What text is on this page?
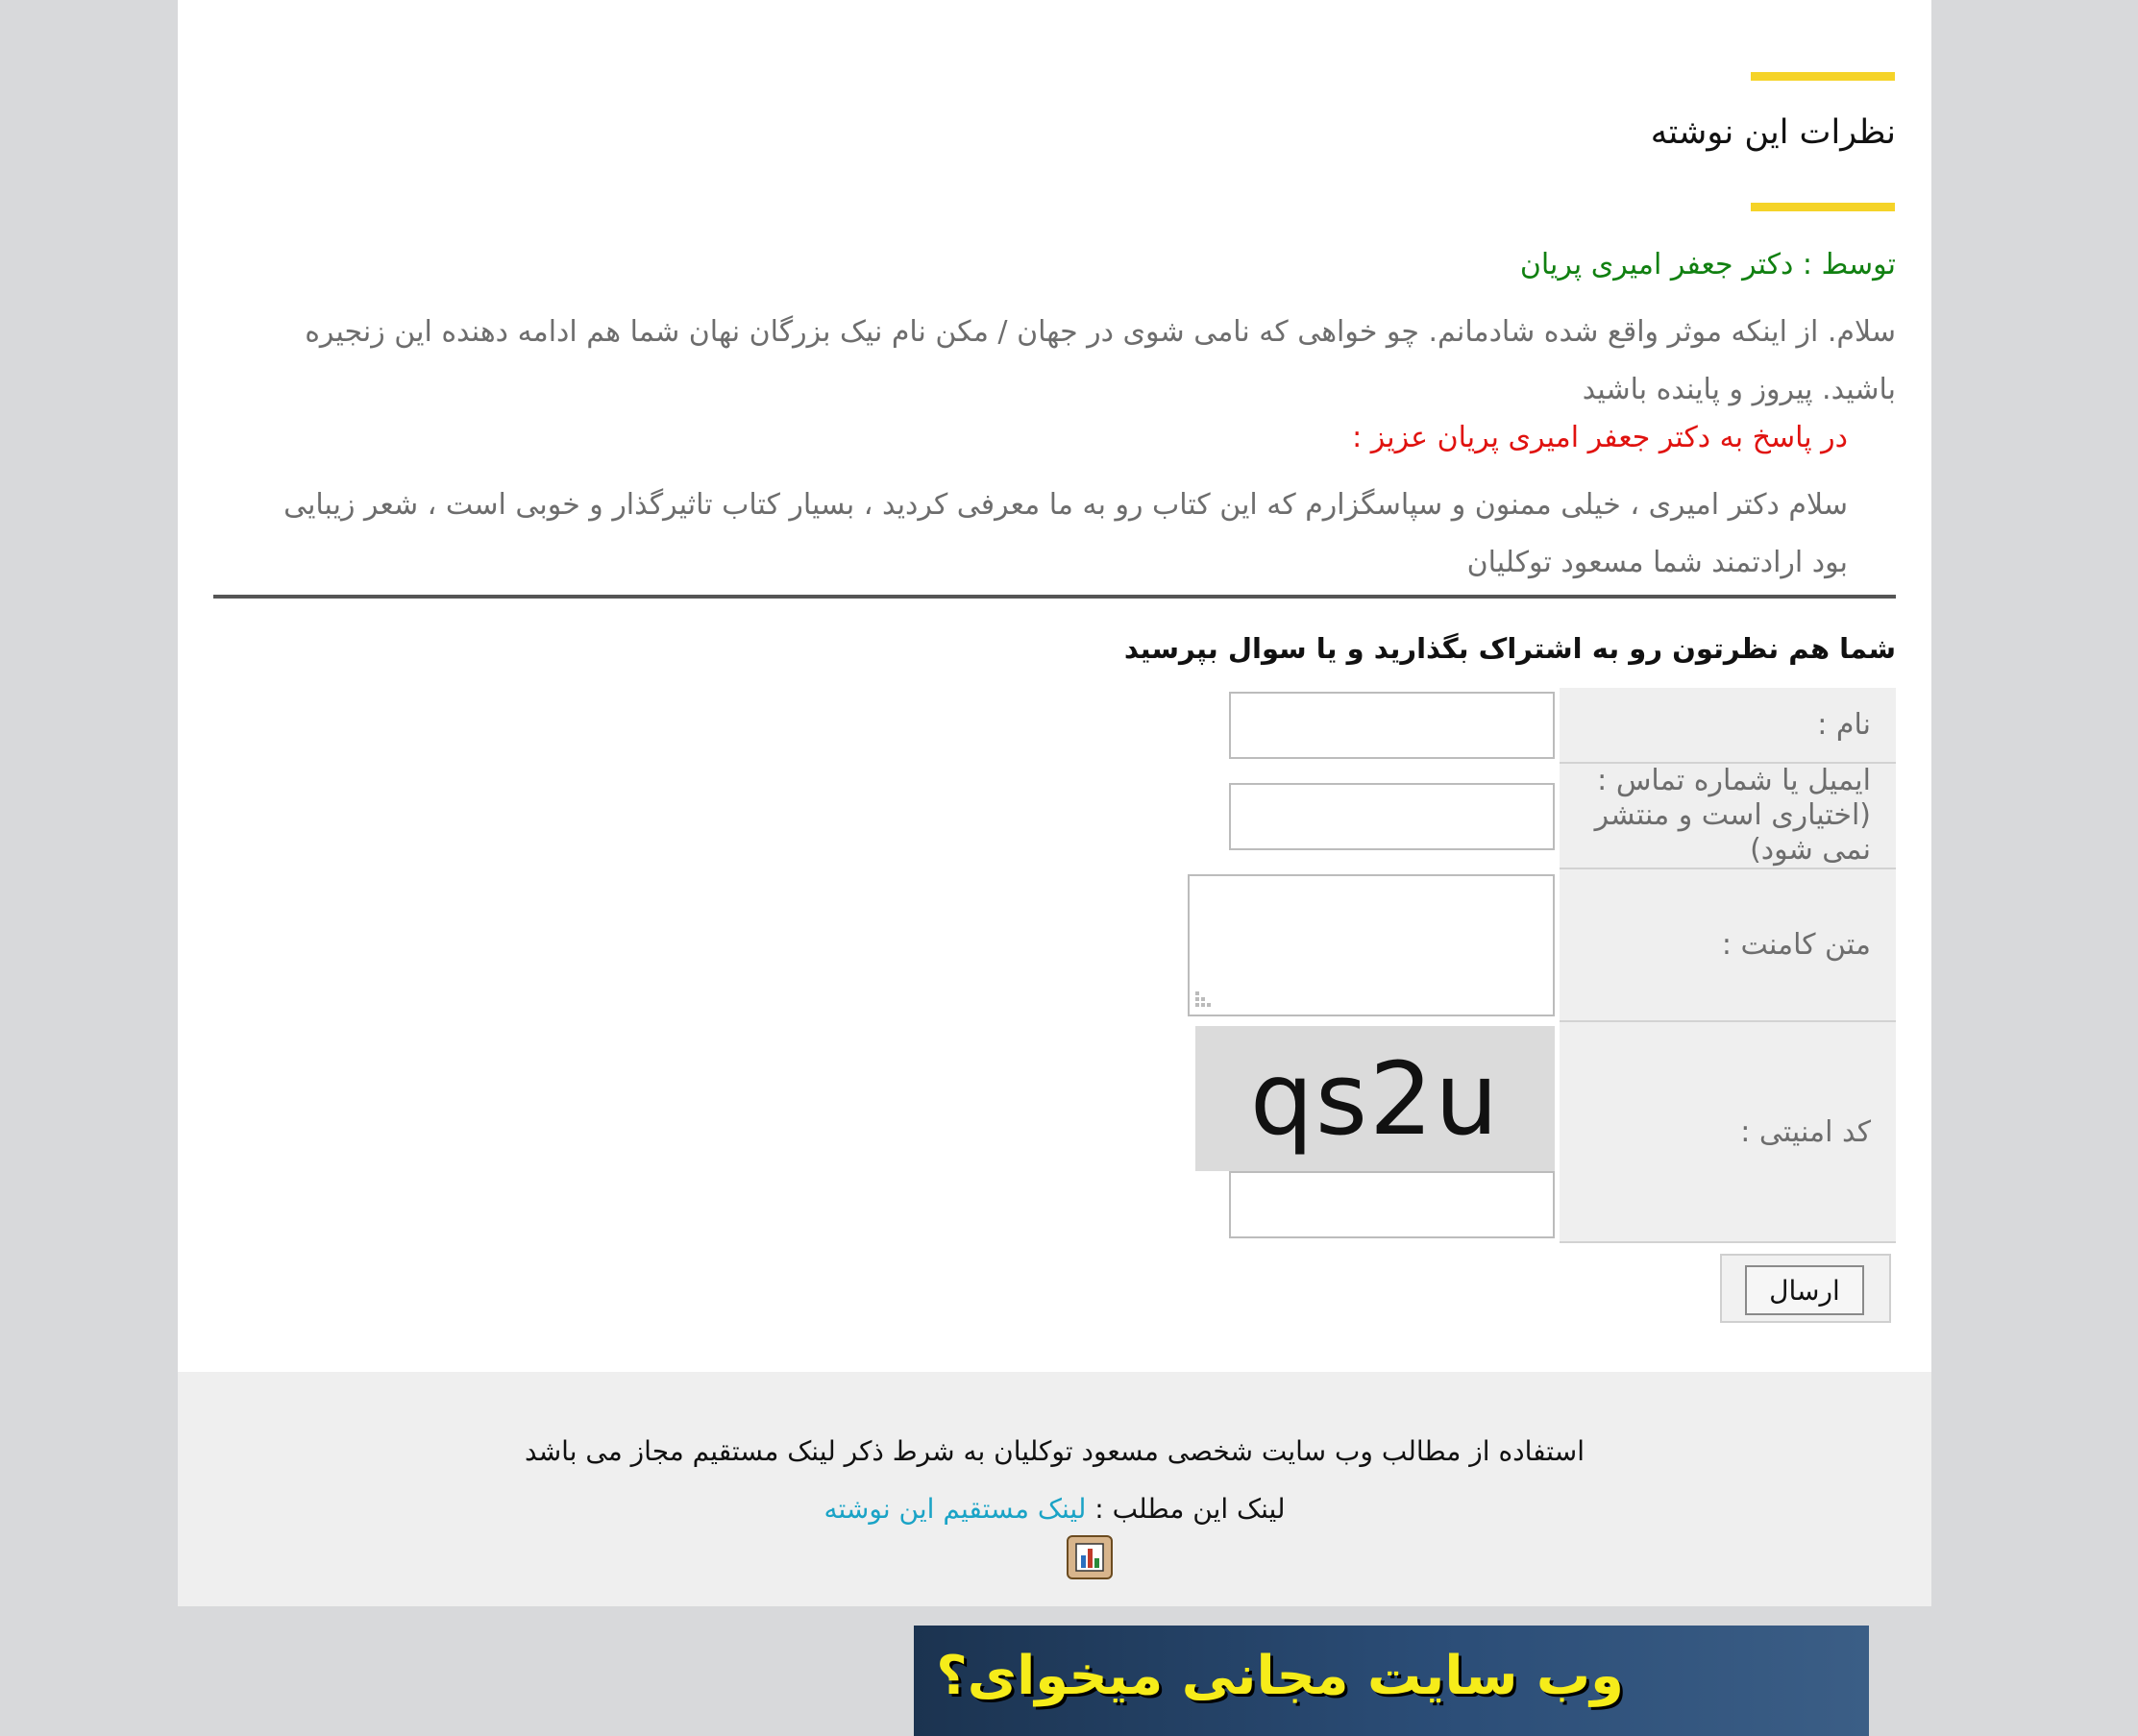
نظرات این نوشته
توسط : دکتر جعفر امیری پریان
سلام. از اینکه موثر واقع شده شادمانم. چو خواهی که نامی شوی در جهان / مکن نام نیک بزرگان نهان شما هم ادامه دهنده این زنجیره باشید. پیروز و پاینده باشید
در پاسخ به دکتر جعفر امیری پریان عزیز :
سلام دکتر امیری ، خیلی ممنون و سپاسگزارم که این کتاب رو به ما معرفی کردید ، بسیار کتاب تاثیرگذار و خوبی است ، شعر زیبایی بود ارادتمند شما مسعود توکلیان
شما هم نظرتون رو به اشتراک بگذارید و یا سوال بپرسید
نام :
ایمیل یا شماره تماس :(اختیاری است و منتشر نمی شود)
متن کامنت :
کد امنیتی :
qs2u
ارسال
استفاده از مطالب وب سایت شخصی مسعود توکلیان به شرط ذکر لینک مستقیم مجاز می باشد
لینک این مطلب : لینک مستقیم این نوشته
وب سایت مجانی میخوای؟
